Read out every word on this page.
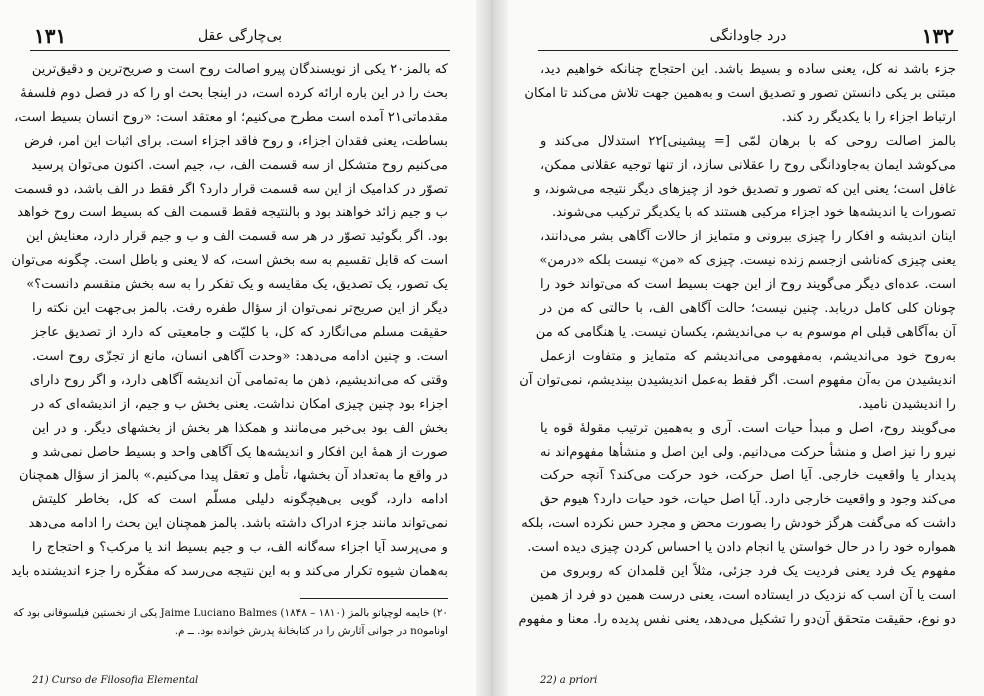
۱۳۱	بی‌چارگی عقل
که بالمز۲۰ یکی از نویسندگان پیرو اصالت روح است و صریح‌ترین و دقیق‌ترین
بحث را در این باره ارائه کرده است، در اینجا بحث او را که در فصل دوم فلسفهٔ
مقدماتی۲۱ آمده است مطرح می‌کنیم؛ او معتقد است: «روح انسان بسیط است،
بساطت، یعنی فقدان اجزاء، و روح فاقد اجزاء است. برای اثبات این امر، فرض
می‌کنیم روح متشکل از سه قسمت الف، ب، جیم است. اکنون می‌توان پرسید
تصوّر در کدامیک از این سه قسمت قرار دارد؟ اگر فقط در الف باشد، دو قسمت
ب و جیم زائد خواهند بود و بالنتیجه فقط قسمت الف که بسیط است روح خواهد
بود. اگر بگوئید تصوّر در هر سه قسمت الف و ب و جیم قرار دارد، معنایش این
است که قابل تقسیم به سه بخش است، که لا یعنی و باطل است. چگونه می‌توان
یک تصور، یک تصدیق، یک مقایسه و یک تفکر را به سه بخش منقسم دانست؟»
دیگر از این صریح‌تر نمی‌توان از سؤال طفره رفت. بالمز بی‌جهت این نکته را
حقیقت مسلم می‌انگارد که کل، با کلیّت و جامعیتی که دارد از تصدیق عاجز
است. و چنین ادامه می‌دهد: «وحدت آگاهی انسان، مانع از تجزّی روح است.
وقتی که می‌اندیشیم، ذهن ما به‌تمامی آن اندیشه آگاهی دارد، و اگر روح دارای
اجزاء بود چنین چیزی امکان نداشت. یعنی بخش ب و جیم، از اندیشه‌ای که در
بخش الف بود بی‌خبر می‌مانند و همکذا هر بخش از بخشهای دیگر. و در این
صورت از همهٔ این افکار و اندیشه‌ها یک آگاهی واحد و بسیط حاصل نمی‌شد و
در واقع ما به‌تعداد آن بخشها، تأمل و تعقل پیدا می‌کنیم.» بالمز از سؤال همچنان
ادامه دارد، گویی بی‌هیچگونه دلیلی مسلّم است که کل، بخاطر کلیتش
نمی‌تواند مانند جزء ادراک داشته باشد. بالمز همچنان این بحث را ادامه می‌دهد
و می‌پرسد آیا اجزاء سه‌گانه الف، ب و جیم بسیط اند یا مرکب؟ و احتجاج را
به‌همان شیوه تکرار می‌کند و به این نتیجه می‌رسد که مفکّره را جزء اندیشنده باید
۲۰) خایمه لوچیانو بالمز (۱۸۱۰ – ۱۸۴۸) Jaime Luciano Balmes یکی از نخستین فیلسوفانی بود که
اوناموno در جوانی آثارش را در کتابخانهٔ پدرش خوانده بود. ــ م.
21) Curso de Filosofia Elemental
۱۳۲
درد جاودانگی
جزء باشد نه کل، یعنی ساده و بسیط باشد. این احتجاج چنانکه خواهیم دید،
مبتنی بر یکی دانستن تصور و تصدیق است و به‌همین جهت تلاش می‌کند تا امکان
ارتباط اجزاء را با یکدیگر رد کند.
بالمز اصالت روحی که با برهان لمّی [= پیشینی]۲۲ استدلال می‌کند و
می‌کوشد ایمان به‌جاودانگی روح را عقلانی سازد، از تنها توجیه عقلانی ممکن،
غافل است؛ یعنی این که تصور و تصدیق خود از چیزهای دیگر نتیجه می‌شوند، و
تصورات یا اندیشه‌ها خود اجزاء مرکبی هستند که با یکدیگر ترکیب می‌شوند.
اینان اندیشه و افکار را چیزی بیرونی و متمایز از حالات آگاهی بشر می‌دانند،
یعنی چیزی که‌ناشی از‌جسم زنده نیست. چیزی که «من» نیست بلکه «درمن»
است. عده‌ای دیگر می‌گویند روح از این جهت بسیط است که می‌تواند خود را
چونان کلی کامل دریابد. چنین نیست؛ حالت آگاهی الف، با حالتی که من در
آن به‌آگاهی قبلی ام موسوم به ب می‌اندیشم، یکسان نیست. یا هنگامی که من
به‌روح خود می‌اندیشم، به‌مفهومی می‌اندیشم که متمایز و متفاوت از‌عمل
اندیشیدن من به‌آن مفهوم است. اگر فقط به‌عمل اندیشیدن بیندیشم، نمی‌توان آن
را اندیشیدن نامید.
می‌گویند روح، اصل و مبدأ حیات است. آری و به‌همین ترتیب مقولهٔ قوه یا
نیرو را نیز اصل و منشأ حرکت می‌دانیم. ولی این اصل و منشأها مفهوم‌اند نه
پدیدار یا واقعیت خارجی. آیا اصل حرکت، خود حرکت می‌کند؟ آنچه حرکت
می‌کند وجود و واقعیت خارجی دارد. آیا اصل حیات، خود حیات دارد؟ هیوم حق
داشت که می‌گفت هرگز خودش را بصورت محض و مجرد حس نکرده است، بلکه
همواره خود را در حال خواستن یا انجام دادن یا احساس کردن چیزی دیده است.
مفهوم یک فرد یعنی فردیت یک فرد جزئی، مثلاً این قلمدان که روبروی من
است یا آن اسب که نزدیک در ایستاده است، یعنی درست همین دو فرد از همین
دو نوع، حقیقت متحقق آن‌دو را تشکیل می‌دهد، یعنی نفس پدیده را. معنا و مفهوم
22) a priori
